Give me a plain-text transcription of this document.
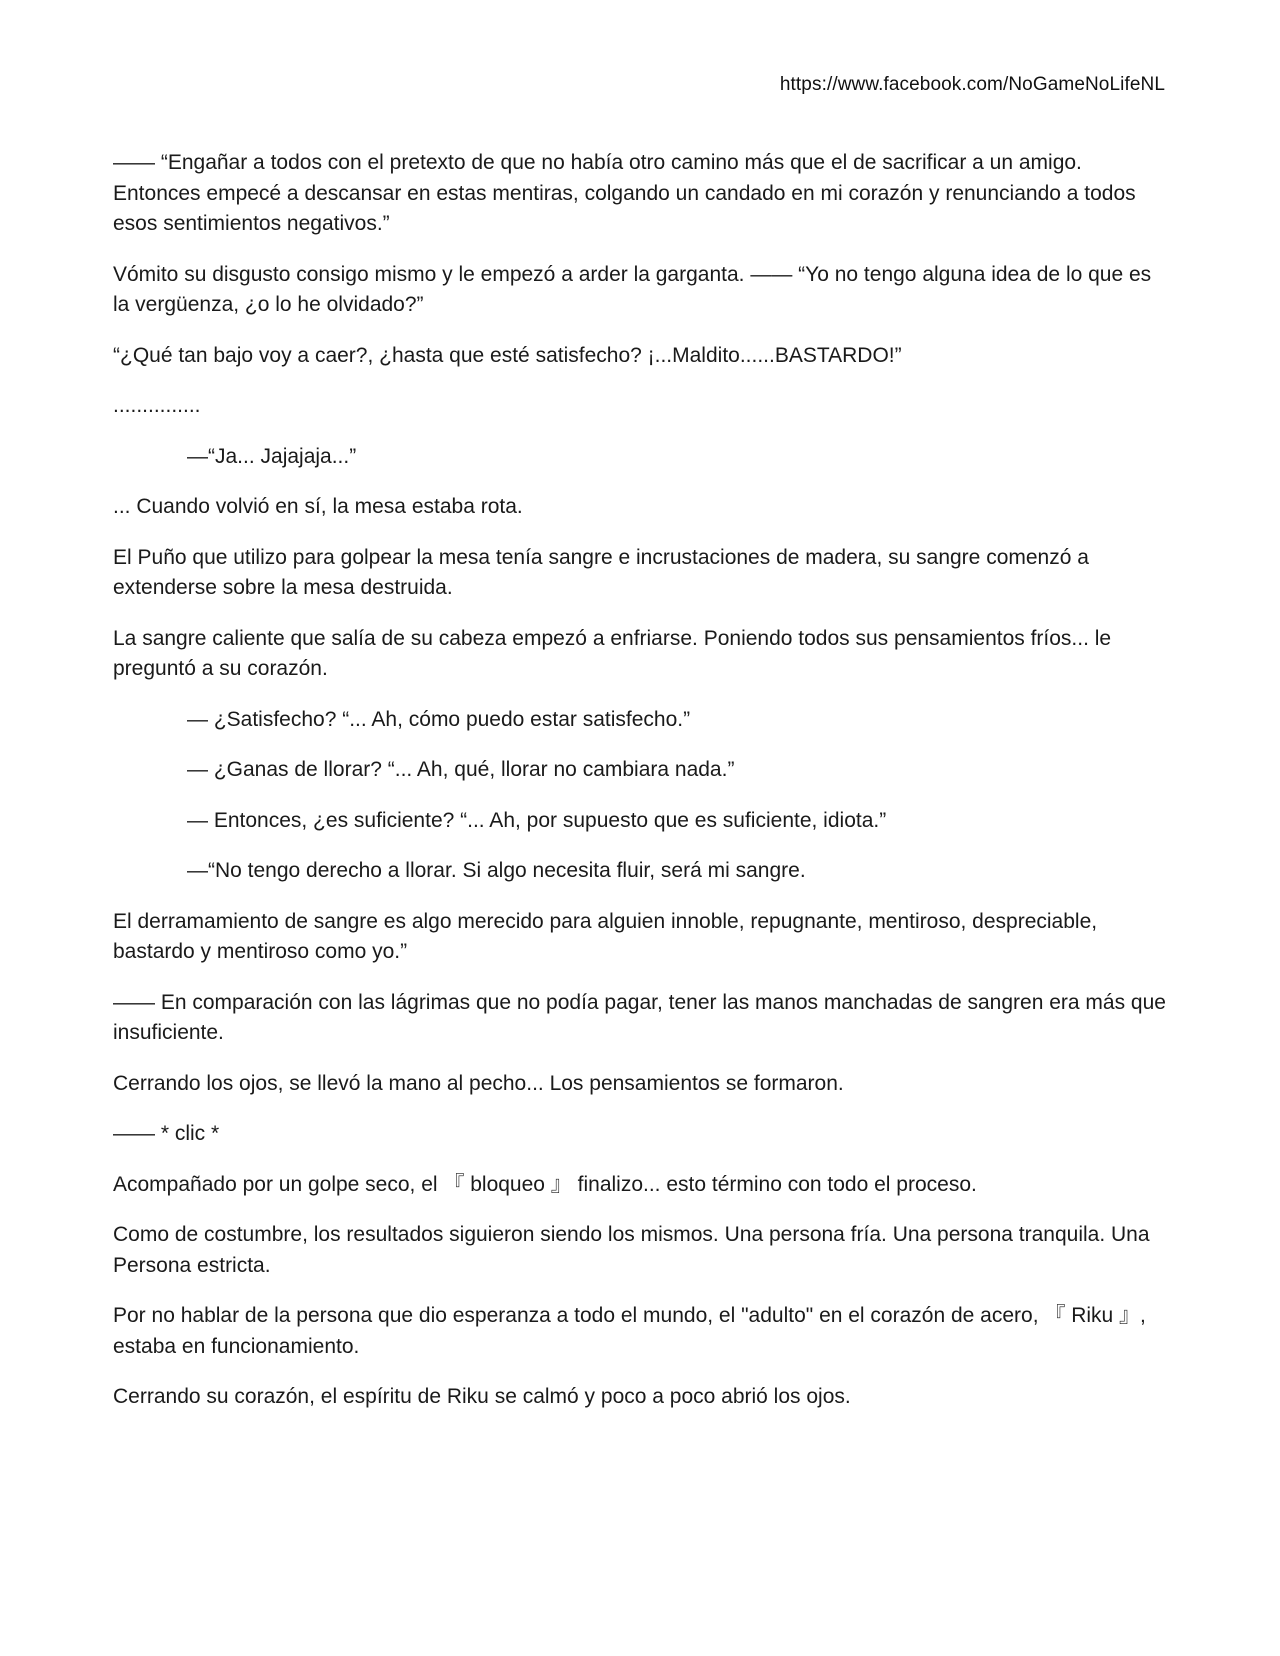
https://www.facebook.com/NoGameNoLifeNL

—— “Engañar a todos con el pretexto de que no había otro camino más que el de sacrificar a un amigo. Entonces empecé a descansar en estas mentiras, colgando un candado en mi corazón y renunciando a todos esos sentimientos negativos.”

Vómito su disgusto consigo mismo y le empezó a arder la garganta. —— “Yo no tengo alguna idea de lo que es la vergüenza, ¿o lo he olvidado?”

“¿Qué tan bajo voy a caer?, ¿hasta que esté satisfecho? ¡...Maldito......BASTARDO!”

...............

—“Ja... Jajajaja...”

... Cuando volvió en sí, la mesa estaba rota.

El Puño que utilizo para golpear la mesa tenía sangre e incrustaciones de madera, su sangre comenzó a extenderse sobre la mesa destruida.

La sangre caliente que salía de su cabeza empezó a enfriarse. Poniendo todos sus pensamientos fríos... le preguntó a su corazón.

— ¿Satisfecho? “... Ah, cómo puedo estar satisfecho.”

— ¿Ganas de llorar? “... Ah, qué, llorar no cambiara nada.”

— Entonces, ¿es suficiente? “... Ah, por supuesto que es suficiente, idiota.”

—“No tengo derecho a llorar. Si algo necesita fluir, será mi sangre.

El derramamiento de sangre es algo merecido para alguien innoble, repugnante, mentiroso, despreciable, bastardo y mentiroso como yo.”

—— En comparación con las lágrimas que no podía pagar, tener las manos manchadas de sangren era más que insuficiente.

Cerrando los ojos, se llevó la mano al pecho... Los pensamientos se formaron.

—— * clic *

Acompañado por un golpe seco, el 『 bloqueo 』 finalizo... esto término con todo el proceso.

Como de costumbre, los resultados siguieron siendo los mismos. Una persona fría. Una persona tranquila. Una Persona estricta.

Por no hablar de la persona que dio esperanza a todo el mundo, el "adulto" en el corazón de acero, 『 Riku 』, estaba en funcionamiento.

Cerrando su corazón, el espíritu de Riku se calmó y poco a poco abrió los ojos.
